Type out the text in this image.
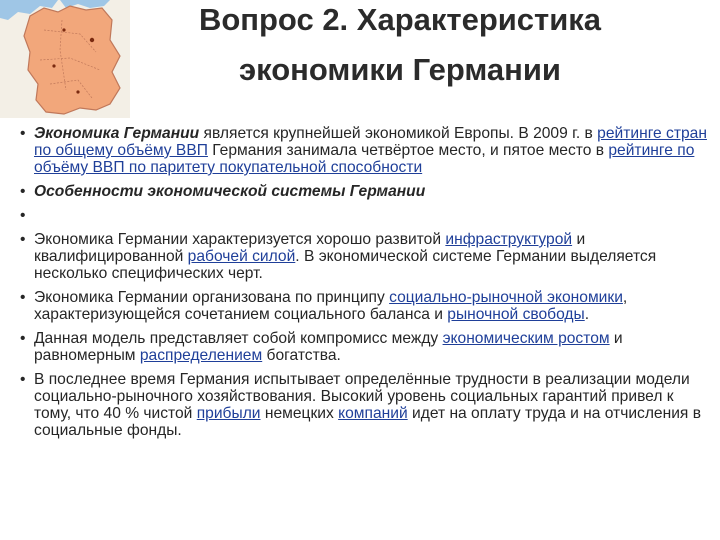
Вопрос 2. Характеристика
экономики Германии
• Экономика Германии является крупнейшей экономикой Европы. В 2009 г. в рейтинге стран по общему объёму ВВП Германия занимала четвёртое место, и пятое место в рейтинге по объёму ВВП по паритету покупательной способности
• Особенности экономической системы Германии
•

• Экономика Германии характеризуется хорошо развитой инфраструктурой и квалифицированной рабочей силой. В экономической системе Германии выделяется несколько специфических черт.
• Экономика Германии организована по принципу социально-рыночной экономики, характеризующейся сочетанием социального баланса и рыночной свободы.
• Данная модель представляет собой компромисс между экономическим ростом и равномерным распределением богатства.
• В последнее время Германия испытывает определённые трудности в реализации модели социально-рыночного хозяйствования. Высокий уровень социальных гарантий привел к тому, что 40 % чистой прибыли немецких компаний идет на оплату труда и на отчисления в социальные фонды.
